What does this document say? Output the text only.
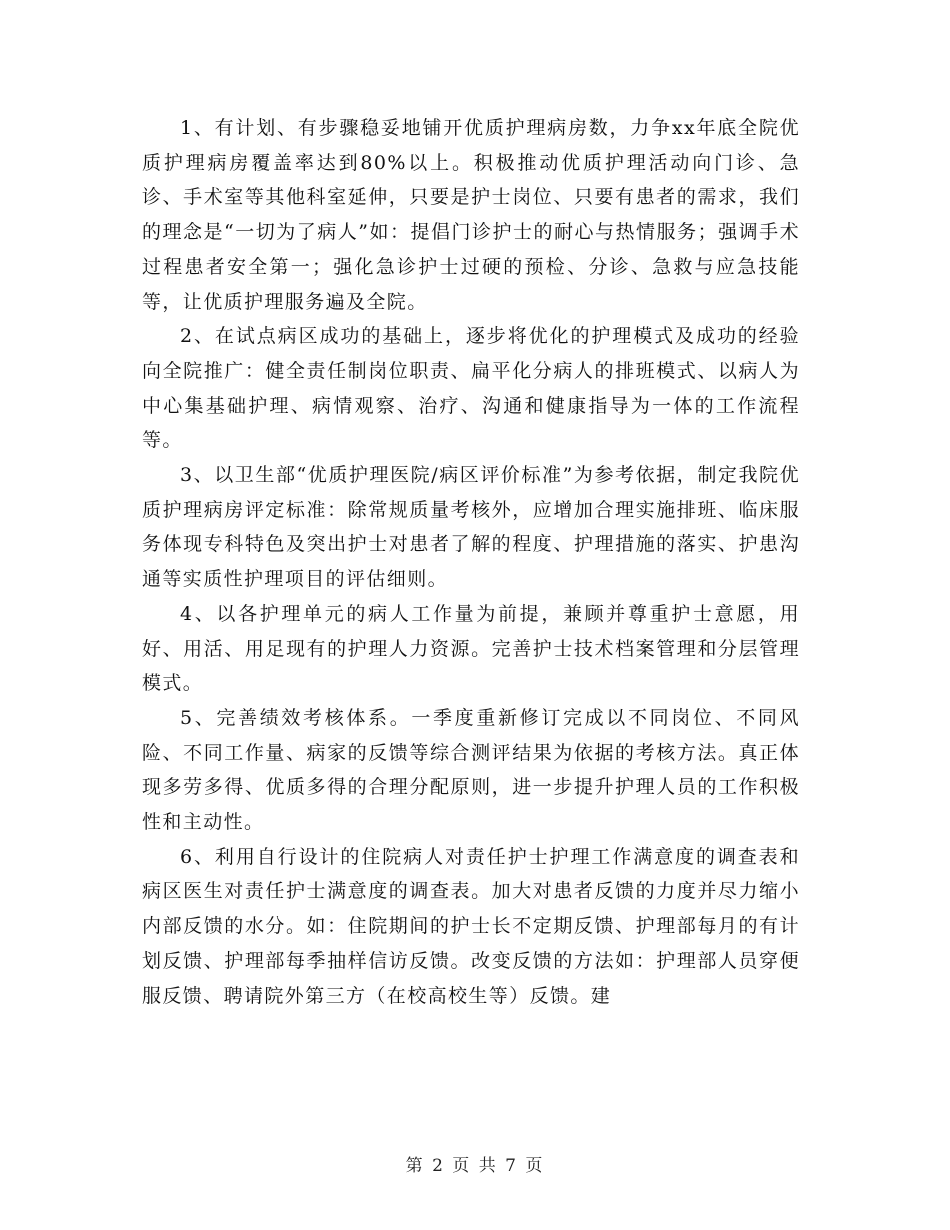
1、有计划、有步骤稳妥地铺开优质护理病房数，力争xx年底全院优质护理病房覆盖率达到80%以上。积极推动优质护理活动向门诊、急诊、手术室等其他科室延伸，只要是护士岗位、只要有患者的需求，我们的理念是“一切为了病人”如：提倡门诊护士的耐心与热情服务；强调手术过程患者安全第一；强化急诊护士过硬的预检、分诊、急救与应急技能等，让优质护理服务遍及全院。

2、在试点病区成功的基础上，逐步将优化的护理模式及成功的经验向全院推广：健全责任制岗位职责、扁平化分病人的排班模式、以病人为中心集基础护理、病情观察、治疗、沟通和健康指导为一体的工作流程等。

3、以卫生部“优质护理医院/病区评价标准”为参考依据，制定我院优质护理病房评定标准：除常规质量考核外，应增加合理实施排班、临床服务体现专科特色及突出护士对患者了解的程度、护理措施的落实、护患沟通等实质性护理项目的评估细则。

4、以各护理单元的病人工作量为前提，兼顾并尊重护士意愿，用好、用活、用足现有的护理人力资源。完善护士技术档案管理和分层管理模式。

5、完善绩效考核体系。一季度重新修订完成以不同岗位、不同风险、不同工作量、病家的反馈等综合测评结果为依据的考核方法。真正体现多劳多得、优质多得的合理分配原则，进一步提升护理人员的工作积极性和主动性。

6、利用自行设计的住院病人对责任护士护理工作满意度的调查表和病区医生对责任护士满意度的调查表。加大对患者反馈的力度并尽力缩小内部反馈的水分。如：住院期间的护士长不定期反馈、护理部每月的有计划反馈、护理部每季抽样信访反馈。改变反馈的方法如：护理部人员穿便服反馈、聘请院外第三方（在校高校生等）反馈。建

第 2 页 共 7 页
